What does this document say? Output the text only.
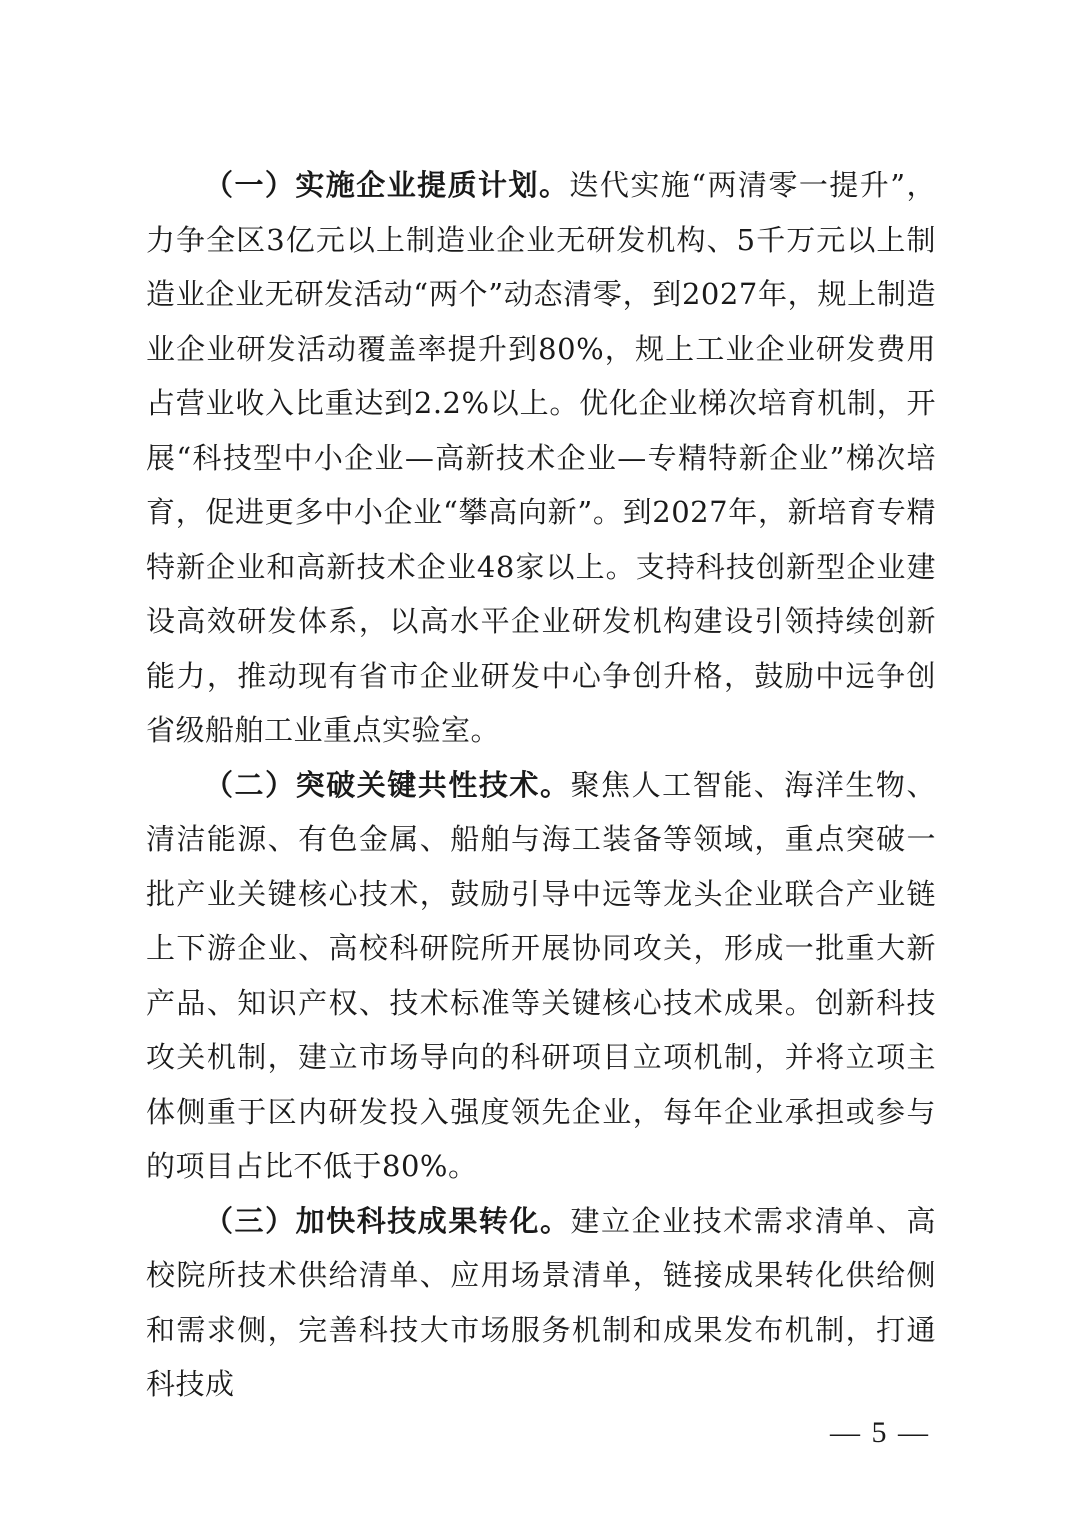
（一）实施企业提质计划。迭代实施“两清零一提升”，力争全区3亿元以上制造业企业无研发机构、5千万元以上制造业企业无研发活动“两个”动态清零，到2027年，规上制造业企业研发活动覆盖率提升到80%，规上工业企业研发费用占营业收入比重达到2.2%以上。优化企业梯次培育机制，开展“科技型中小企业—高新技术企业—专精特新企业”梯次培育，促进更多中小企业“攀高向新”。到2027年，新培育专精特新企业和高新技术企业48家以上。支持科技创新型企业建设高效研发体系，以高水平企业研发机构建设引领持续创新能力，推动现有省市企业研发中心争创升格，鼓励中远争创省级船舶工业重点实验室。

（二）突破关键共性技术。聚焦人工智能、海洋生物、清洁能源、有色金属、船舶与海工装备等领域，重点突破一批产业关键核心技术，鼓励引导中远等龙头企业联合产业链上下游企业、高校科研院所开展协同攻关，形成一批重大新产品、知识产权、技术标准等关键核心技术成果。创新科技攻关机制，建立市场导向的科研项目立项机制，并将立项主体侧重于区内研发投入强度领先企业，每年企业承担或参与的项目占比不低于80%。

（三）加快科技成果转化。建立企业技术需求清单、高校院所技术供给清单、应用场景清单，链接成果转化供给侧和需求侧，完善科技大市场服务机制和成果发布机制，打通科技成

— 5 —
